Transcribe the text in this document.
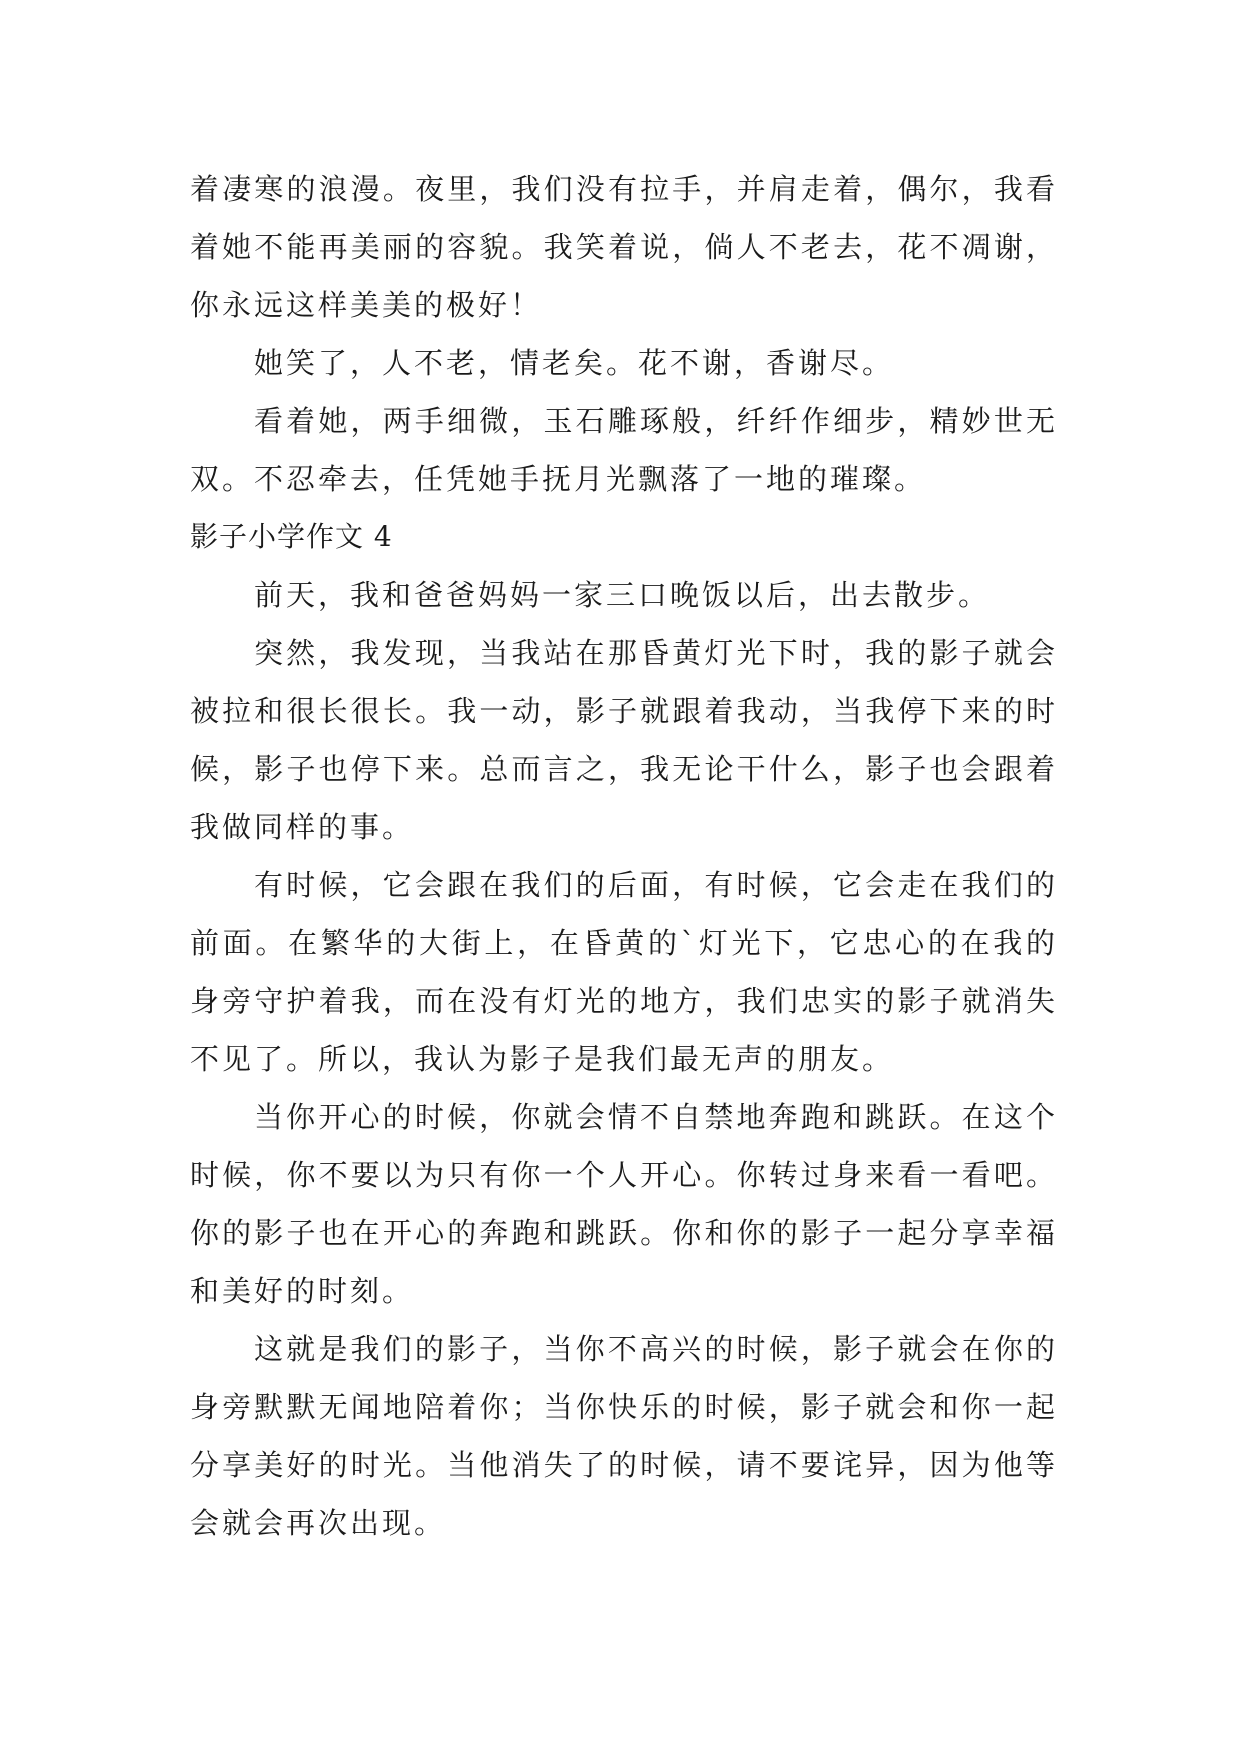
着凄寒的浪漫。夜里，我们没有拉手，并肩走着，偶尔，我看着她不能再美丽的容貌。我笑着说，倘人不老去，花不凋谢，你永远这样美美的极好！

她笑了，人不老，情老矣。花不谢，香谢尽。

看着她，两手细微，玉石雕琢般，纤纤作细步，精妙世无双。不忍牵去，任凭她手抚月光飘落了一地的璀璨。

影子小学作文 4

前天，我和爸爸妈妈一家三口晚饭以后，出去散步。

突然，我发现，当我站在那昏黄灯光下时，我的影子就会被拉和很长很长。我一动，影子就跟着我动，当我停下来的时候，影子也停下来。总而言之，我无论干什么，影子也会跟着我做同样的事。

有时候，它会跟在我们的后面，有时候，它会走在我们的前面。在繁华的大街上，在昏黄的`灯光下，它忠心的在我的身旁守护着我，而在没有灯光的地方，我们忠实的影子就消失不见了。所以，我认为影子是我们最无声的朋友。

当你开心的时候，你就会情不自禁地奔跑和跳跃。在这个时候，你不要以为只有你一个人开心。你转过身来看一看吧。你的影子也在开心的奔跑和跳跃。你和你的影子一起分享幸福和美好的时刻。

这就是我们的影子，当你不高兴的时候，影子就会在你的身旁默默无闻地陪着你；当你快乐的时候，影子就会和你一起分享美好的时光。当他消失了的时候，请不要诧异，因为他等会就会再次出现。
